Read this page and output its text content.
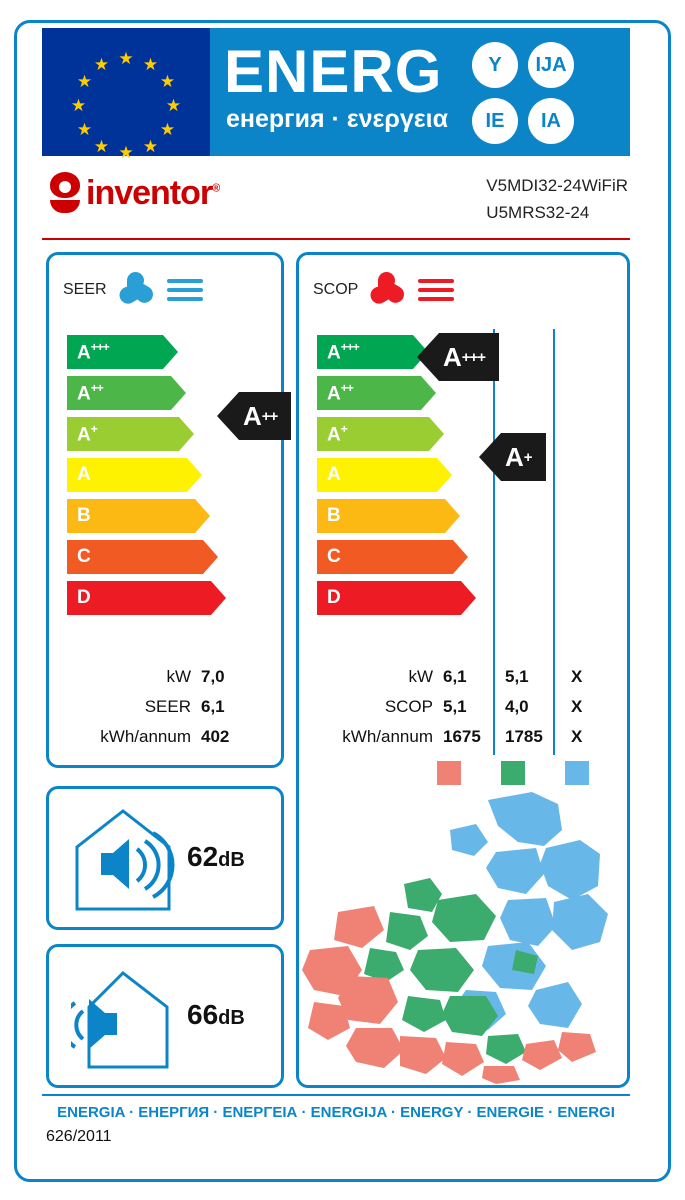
★ ★
★
★
★
★
★
★
★
★
★
★ ENERG
енергия · ενεργεια
Y	IJA
IE	IA
inventor®	V5MDI32-24WiFiR
U5MRS32-24
SEER
A+++
A++
A+
A
B
C
D
A ++
kW 7,0
SEER 6,1
kWh/annum 402
SCOP
A+++
A++
A+
A
B
C
D
A +++
A +
kW 6,1	5,1	X
SCOP 5,1	4,0	X
kWh/annum 1675	1785	X
62dB
66dB
ENERGIA · ЕНЕРГИЯ · ΕΝΕΡΓΕΙΑ · ENERGIJA · ENERGY · ENERGIE · ENERGI
626/2011
